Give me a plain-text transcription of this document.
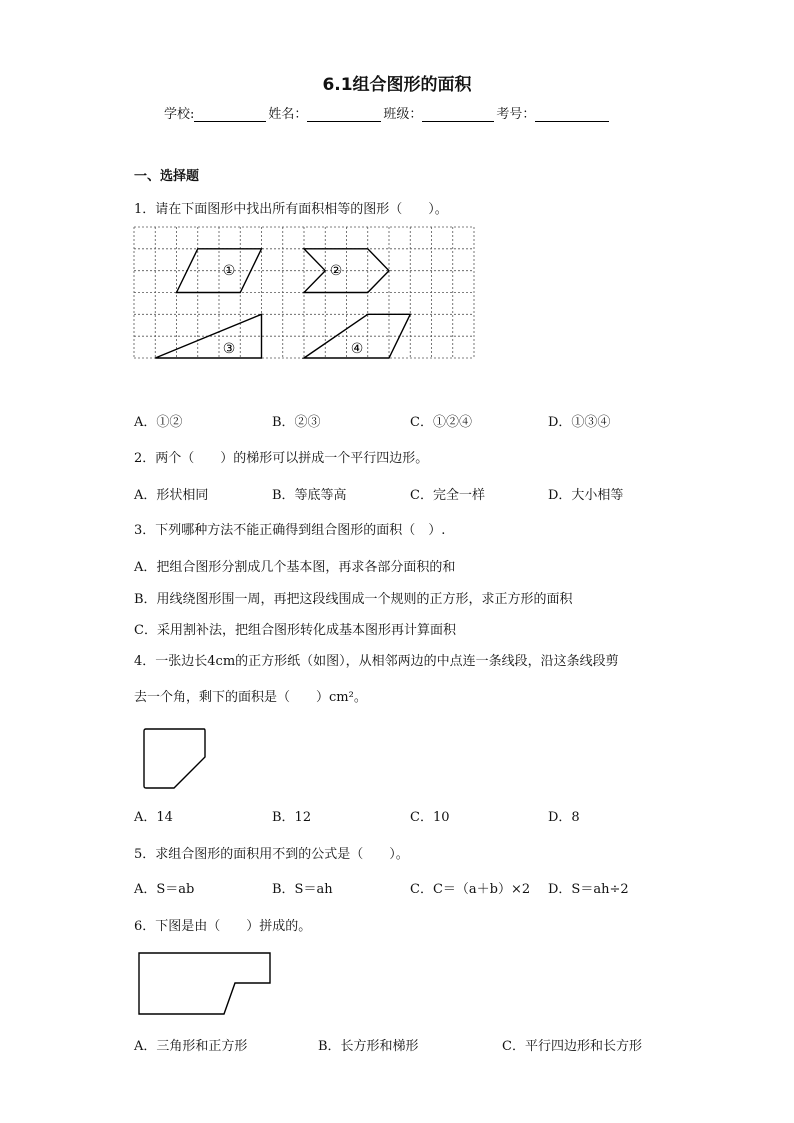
6.1组合图形的面积
学校:	姓名：	班级：	考号：
一、选择题
1．请在下面图形中找出所有面积相等的图形（　　）。
①	②
③	④
A．①②	B．②③	C．①②④	D．①③④
2．两个（　　）的梯形可以拼成一个平行四边形。
A．形状相同	B．等底等高	C．完全一样	D．大小相等
3．下列哪种方法不能正确得到组合图形的面积（　）.
A．把组合图形分割成几个基本图，再求各部分面积的和
B．用线绕图形围一周，再把这段线围成一个规则的正方形，求正方形的面积
C．采用割补法，把组合图形转化成基本图形再计算面积
4．一张边长4cm的正方形纸（如图），从相邻两边的中点连一条线段，沿这条线段剪
去一个角，剩下的面积是（　　）cm²。
A．14	B．12	C．10	D．8
5．求组合图形的面积用不到的公式是（　　）。
A．S＝ab	B．S＝ah	C．C＝（a＋b）×2 D．S＝ah÷2
6．下图是由（　　）拼成的。
A．三角形和正方形	B．长方形和梯形	C．平行四边形和长方形
